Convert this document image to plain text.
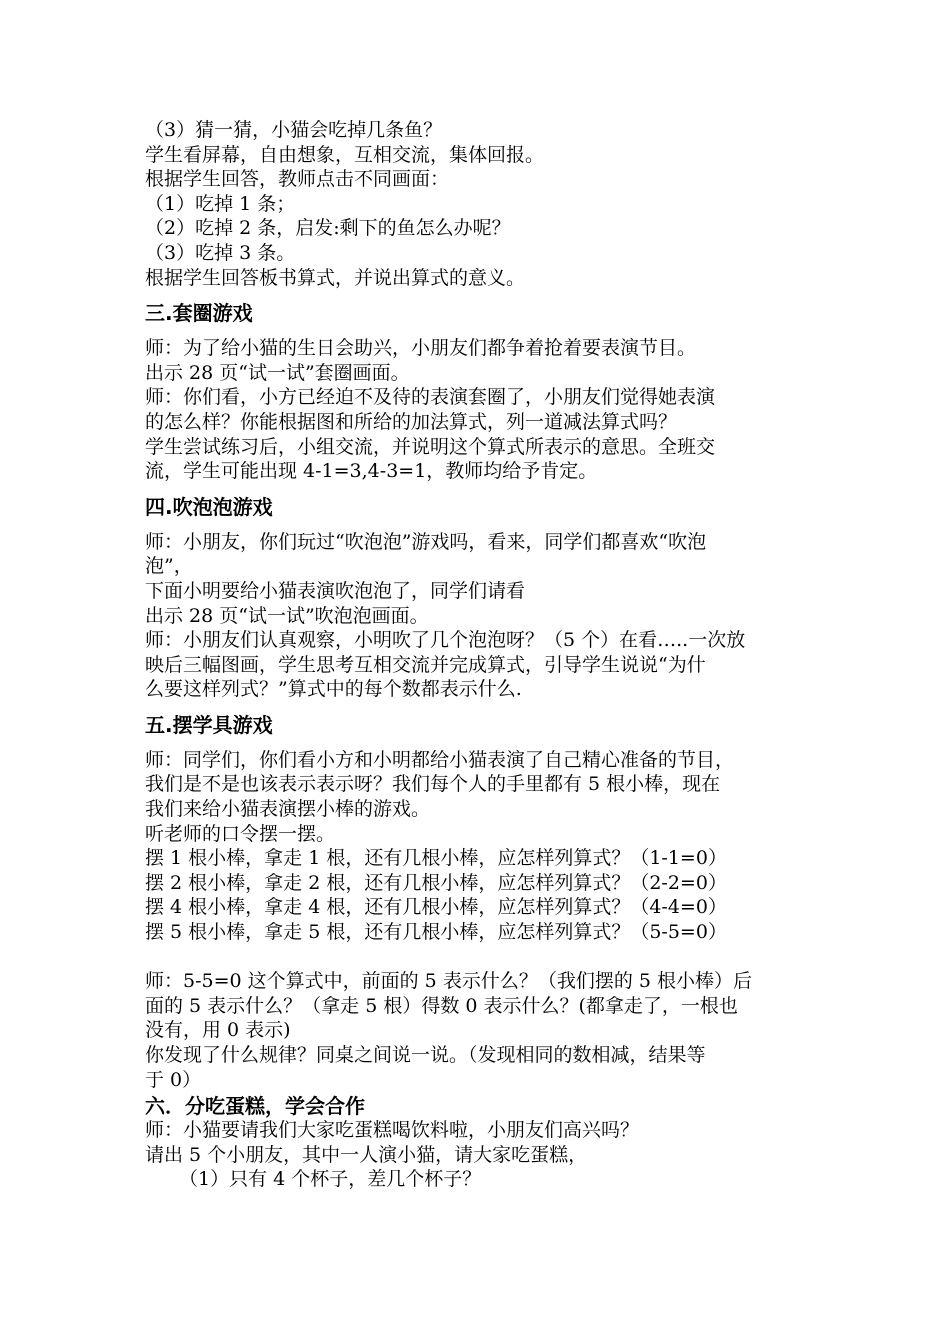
（3）猜一猜，小猫会吃掉几条鱼？

学生看屏幕，自由想象，互相交流，集体回报。

根据学生回答，教师点击不同画面：

（1）吃掉 1 条；

（2）吃掉 2 条，启发:剩下的鱼怎么办呢？

（3）吃掉 3 条。

根据学生回答板书算式，并说出算式的意义。

三.套圈游戏

师：为了给小猫的生日会助兴，小朋友们都争着抢着要表演节目。

出示 28 页“试一试”套圈画面。

师：你们看，小方已经迫不及待的表演套圈了，小朋友们觉得她表演

的怎么样？你能根据图和所给的加法算式，列一道减法算式吗？

学生尝试练习后，小组交流，并说明这个算式所表示的意思。全班交

流，学生可能出现 4-1=3,4-3=1，教师均给予肯定。

四.吹泡泡游戏

师：小朋友，你们玩过“吹泡泡”游戏吗，看来，同学们都喜欢“吹泡

泡”，

下面小明要给小猫表演吹泡泡了，同学们请看

出示 28 页“试一试”吹泡泡画面。

师：小朋友们认真观察，小明吹了几个泡泡呀？（5 个）在看…..一次放

映后三幅图画，学生思考互相交流并完成算式，引导学生说说“为什

么要这样列式？”算式中的每个数都表示什么.

五.摆学具游戏

师：同学们，你们看小方和小明都给小猫表演了自己精心准备的节目，

我们是不是也该表示表示呀？我们每个人的手里都有 5 根小棒，现在

我们来给小猫表演摆小棒的游戏。

听老师的口令摆一摆。

摆 1 根小棒，拿走 1 根，还有几根小棒，应怎样列算式？（1-1=0）

摆 2 根小棒，拿走 2 根，还有几根小棒，应怎样列算式？（2-2=0）

摆 4 根小棒，拿走 4 根，还有几根小棒，应怎样列算式？（4-4=0）

摆 5 根小棒，拿走 5 根，还有几根小棒，应怎样列算式？（5-5=0）

师：5-5=0 这个算式中，前面的 5 表示什么？（我们摆的 5 根小棒）后

面的 5 表示什么？（拿走 5 根）得数 0 表示什么？(都拿走了，一根也

没有，用 0 表示)

你发现了什么规律？同桌之间说一说。（发现相同的数相减，结果等

于 0）

六．分吃蛋糕，学会合作

师：小猫要请我们大家吃蛋糕喝饮料啦，小朋友们高兴吗？

请出 5 个小朋友，其中一人演小猫，请大家吃蛋糕，

（1）只有 4 个杯子，差几个杯子？
